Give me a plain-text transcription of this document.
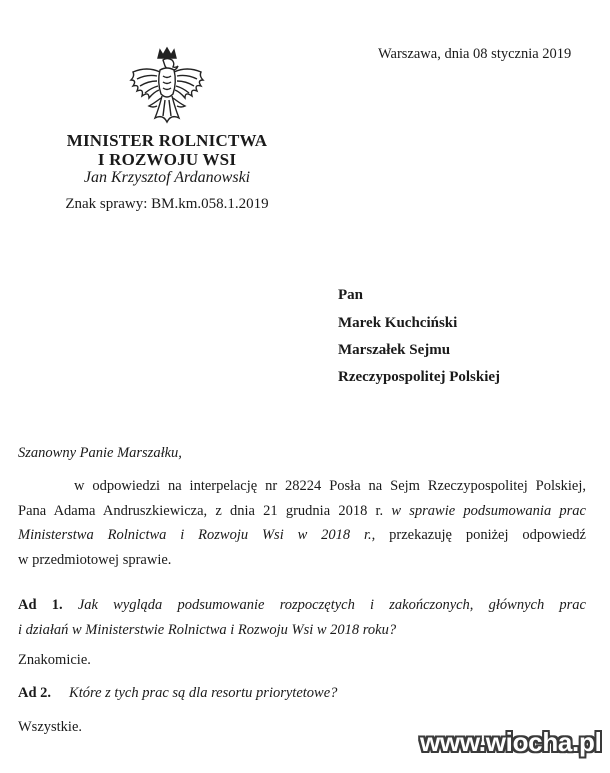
Warszawa, dnia 08 stycznia 2019
MINISTER ROLNICTWA
I ROZWOJU WSI
Jan Krzysztof Ardanowski
Znak sprawy: BM.km.058.1.2019
Pan
Marek Kuchciński
Marszałek Sejmu
Rzeczypospolitej Polskiej
Szanowny Panie Marszałku,
w odpowiedzi na interpelację nr 28224 Posła na Sejm Rzeczypospolitej Polskiej,
Pana Adama Andruszkiewicza, z dnia 21 grudnia 2018 r. w sprawie podsumowania prac
Ministerstwa Rolnictwa i Rozwoju Wsi w 2018 r., przekazuję poniżej odpowiedź
w przedmiotowej sprawie.
Ad 1. Jak wygląda podsumowanie rozpoczętych i zakończonych, głównych prac
i działań w Ministerstwie Rolnictwa i Rozwoju Wsi w 2018 roku?
Znakomicie.
Ad 2. Które z tych prac są dla resortu priorytetowe?
Wszystkie.	www.wiocha.pl
